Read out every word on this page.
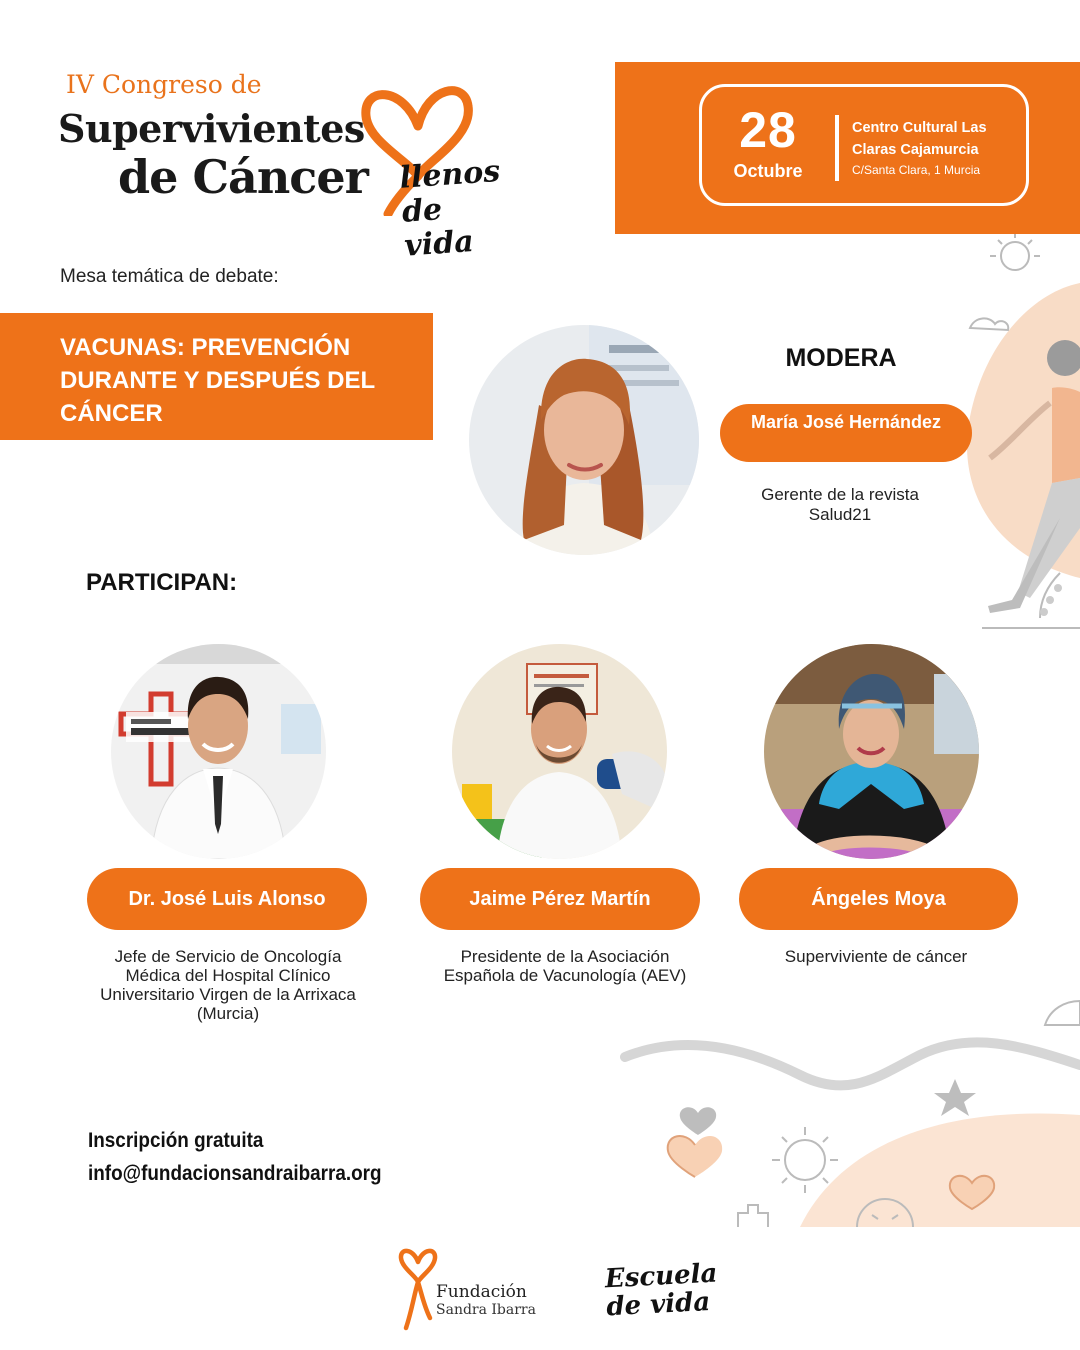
IV Congreso de
Supervivientes
de Cáncer llenos de vida
28
Octubre
Centro Cultural Las Claras Cajamurcia
C/Santa Clara, 1 Murcia
Mesa temática de debate:
VACUNAS: PREVENCIÓN DURANTE Y DESPUÉS DEL CÁNCER
MODERA
María José Hernández
Gerente de la revista Salud21
PARTICIPAN:
Dr. José Luis Alonso
Jefe de Servicio de Oncología Médica del Hospital Clínico Universitario Virgen de la Arrixaca (Murcia)
Jaime Pérez Martín
Presidente de la Asociación Española de Vacunología (AEV)
Ángeles Moya
Superviviente de cáncer
Inscripción gratuita
info@fundacionsandraibarra.org
Fundación
Sandra Ibarra
Escuela de vida
